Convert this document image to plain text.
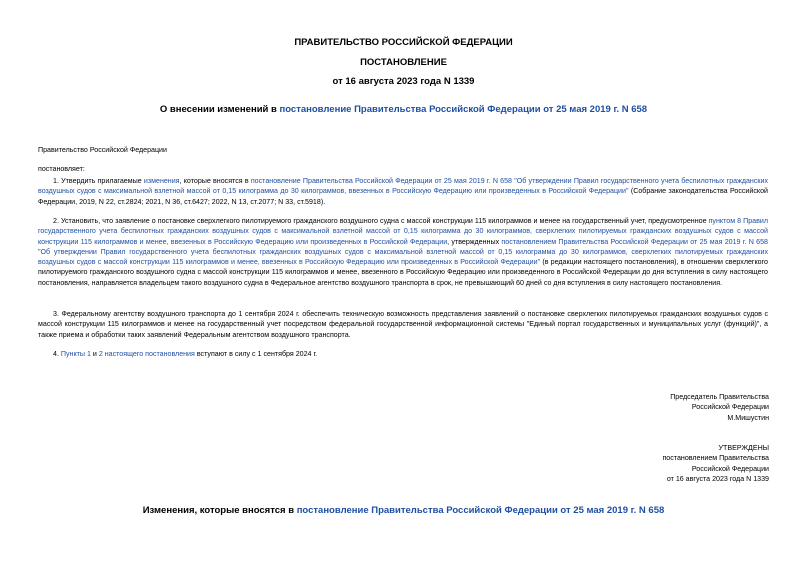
ПРАВИТЕЛЬСТВО РОССИЙСКОЙ ФЕДЕРАЦИИ
ПОСТАНОВЛЕНИЕ
от 16 августа 2023 года N 1339
О внесении изменений в постановление Правительства Российской Федерации от 25 мая 2019 г. N 658
Правительство Российской Федерации
постановляет:
1. Утвердить прилагаемые изменения, которые вносятся в постановление Правительства Российской Федерации от 25 мая 2019 г. N 658 "Об утверждении Правил государственного учета беспилотных гражданских воздушных судов с максимальной взлетной массой от 0,15 килограмма до 30 килограммов, ввезенных в Российскую Федерацию или произведенных в Российской Федерации" (Собрание законодательства Российской Федерации, 2019, N 22, ст.2824; 2021, N 36, ст.6427; 2022, N 13, ст.2077; N 33, ст.5918).
2. Установить, что заявление о постановке сверхлегкого пилотируемого гражданского воздушного судна с массой конструкции 115 килограммов и менее на государственный учет, предусмотренное пунктом 8 Правил государственного учета беспилотных гражданских воздушных судов с максимальной взлетной массой от 0,15 килограмма до 30 килограммов, сверхлегких пилотируемых гражданских воздушных судов с массой конструкции 115 килограммов и менее, ввезенных в Российскую Федерацию или произведенных в Российской Федерации, утвержденных постановлением Правительства Российской Федерации от 25 мая 2019 г. N 658 "Об утверждении Правил государственного учета беспилотных гражданских воздушных судов с максимальной взлетной массой от 0,15 килограмма до 30 килограммов, сверхлегких пилотируемых гражданских воздушных судов с массой конструкции 115 килограммов и менее, ввезенных в Российскую Федерацию или произведенных в Российской Федерации" (в редакции настоящего постановления), в отношении сверхлегкого пилотируемого гражданского воздушного судна с массой конструкции 115 килограммов и менее, ввезенного в Российскую Федерацию или произведенного в Российской Федерации до дня вступления в силу настоящего постановления, направляется владельцем такого воздушного судна в Федеральное агентство воздушного транспорта в срок, не превышающий 60 дней со дня вступления в силу настоящего постановления.
3. Федеральному агентству воздушного транспорта до 1 сентября 2024 г. обеспечить техническую возможность представления заявлений о постановке сверхлегких пилотируемых гражданских воздушных судов с массой конструкции 115 килограммов и менее на государственный учет посредством федеральной государственной информационной системы "Единый портал государственных и муниципальных услуг (функций)", а также приема и обработки таких заявлений Федеральным агентством воздушного транспорта.
4. Пункты 1 и 2 настоящего постановления вступают в силу с 1 сентября 2024 г.
Председатель Правительства
Российской Федерации
М.Мишустин
УТВЕРЖДЕНЫ
постановлением Правительства
Российской Федерации
от 16 августа 2023 года N 1339
Изменения, которые вносятся в постановление Правительства Российской Федерации от 25 мая 2019 г. N 658
